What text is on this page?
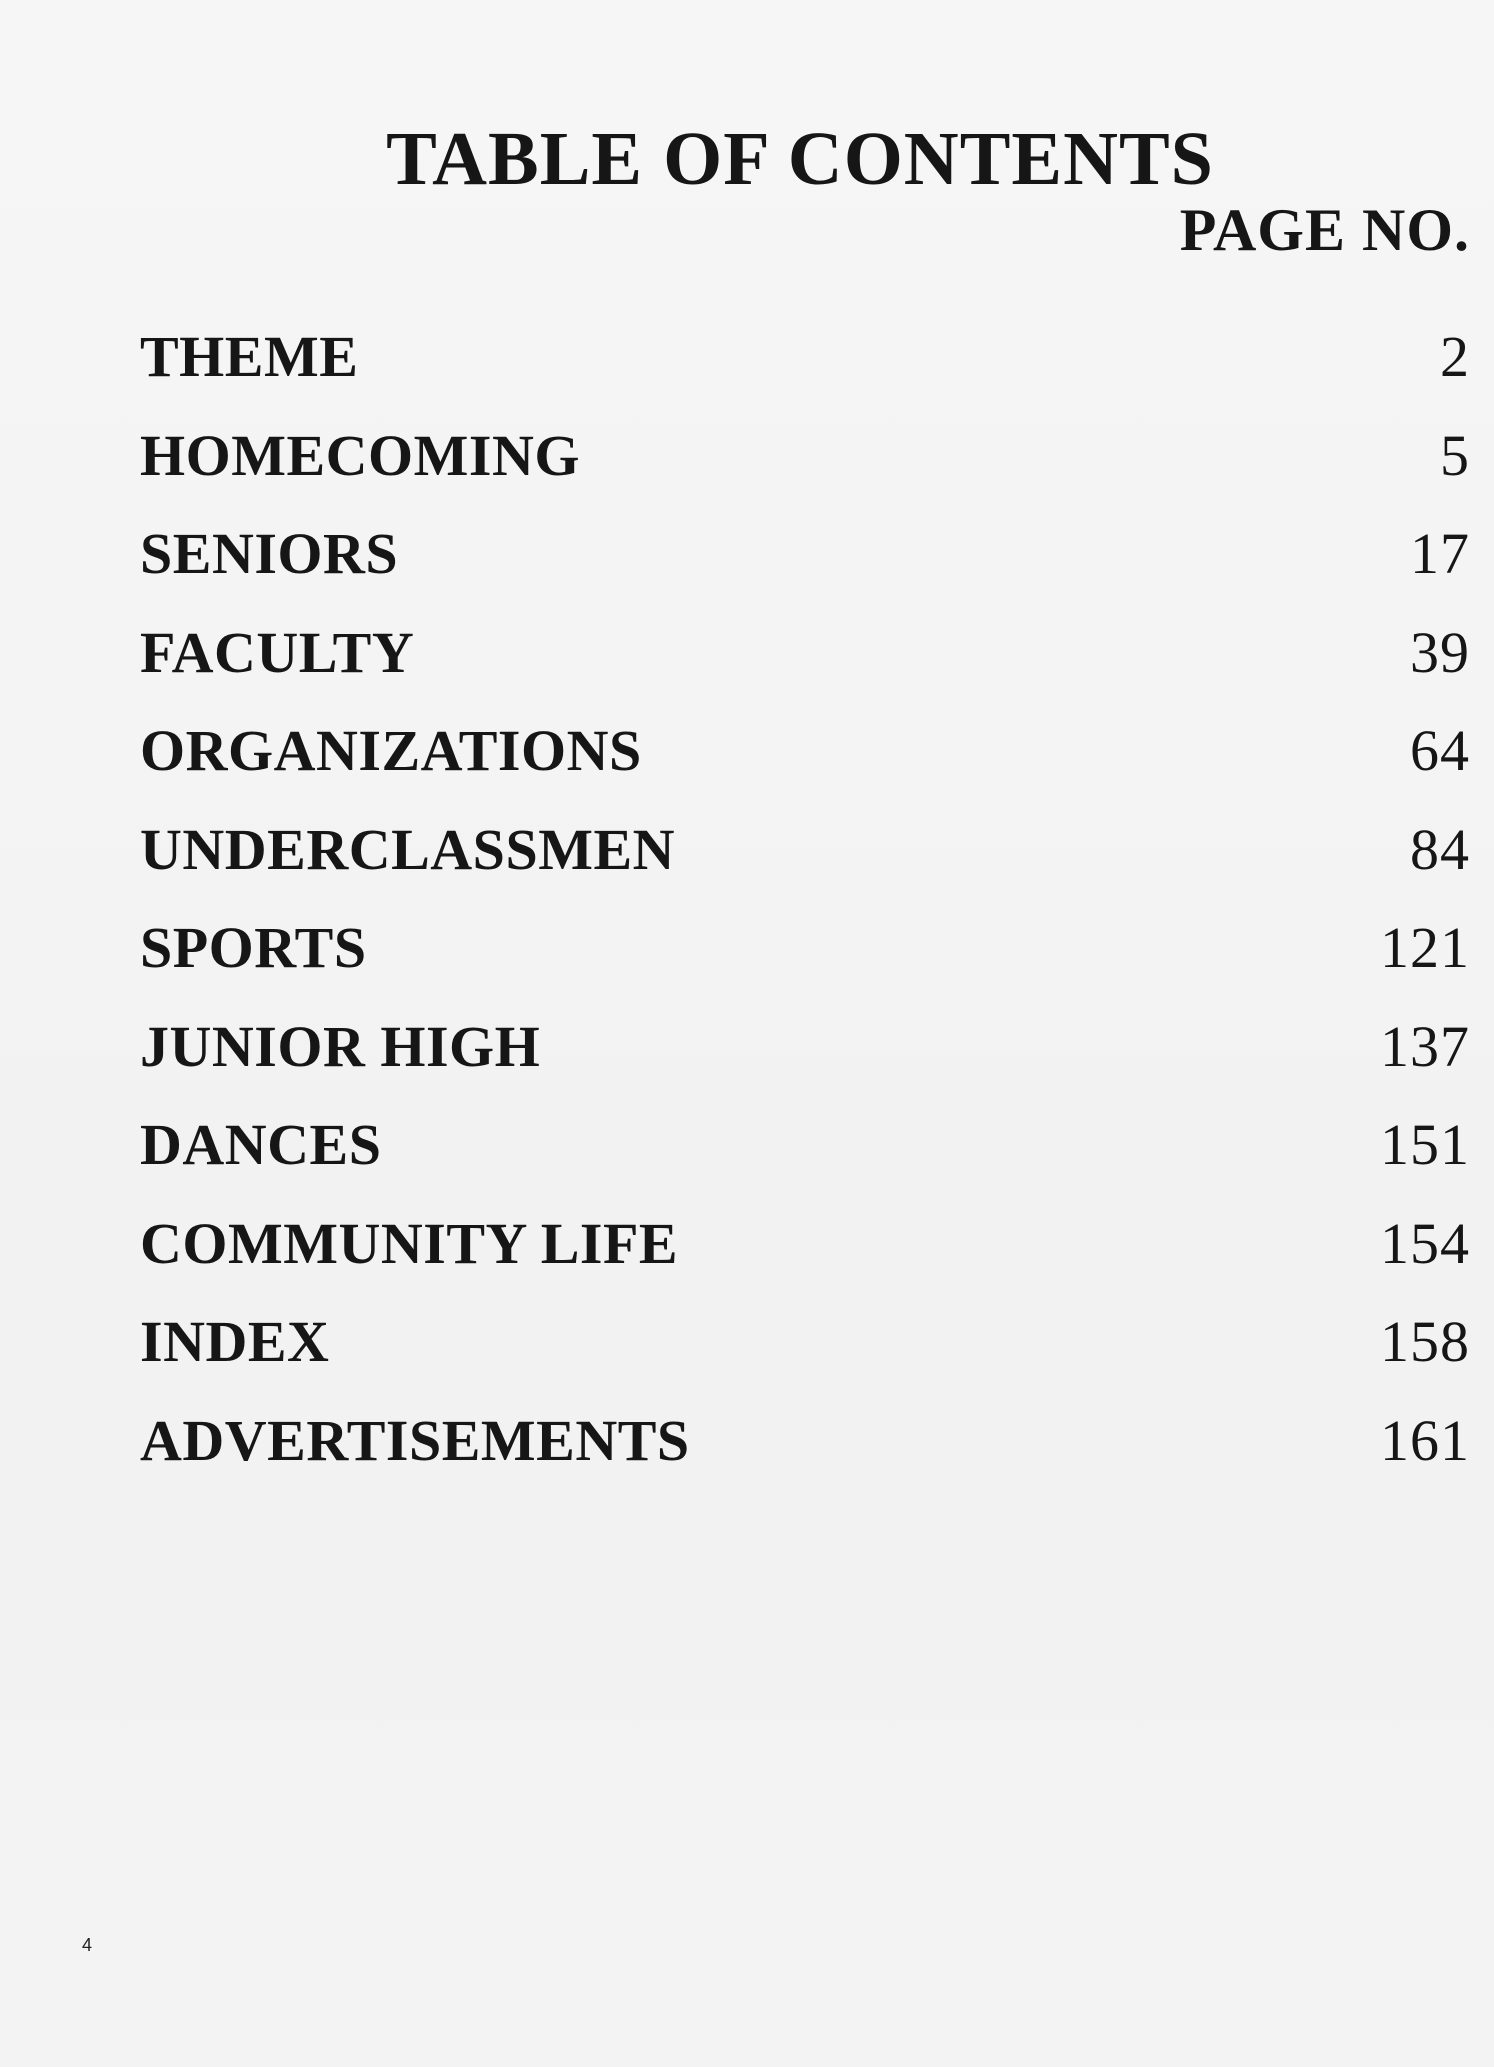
TABLE OF CONTENTS
PAGE NO.
THEME	2
HOMECOMING	5
SENIORS	17
FACULTY	39
ORGANIZATIONS	64
UNDERCLASSMEN	84
SPORTS	121
JUNIOR HIGH	137
DANCES	151
COMMUNITY LIFE	154
INDEX	158
ADVERTISEMENTS	161
4
